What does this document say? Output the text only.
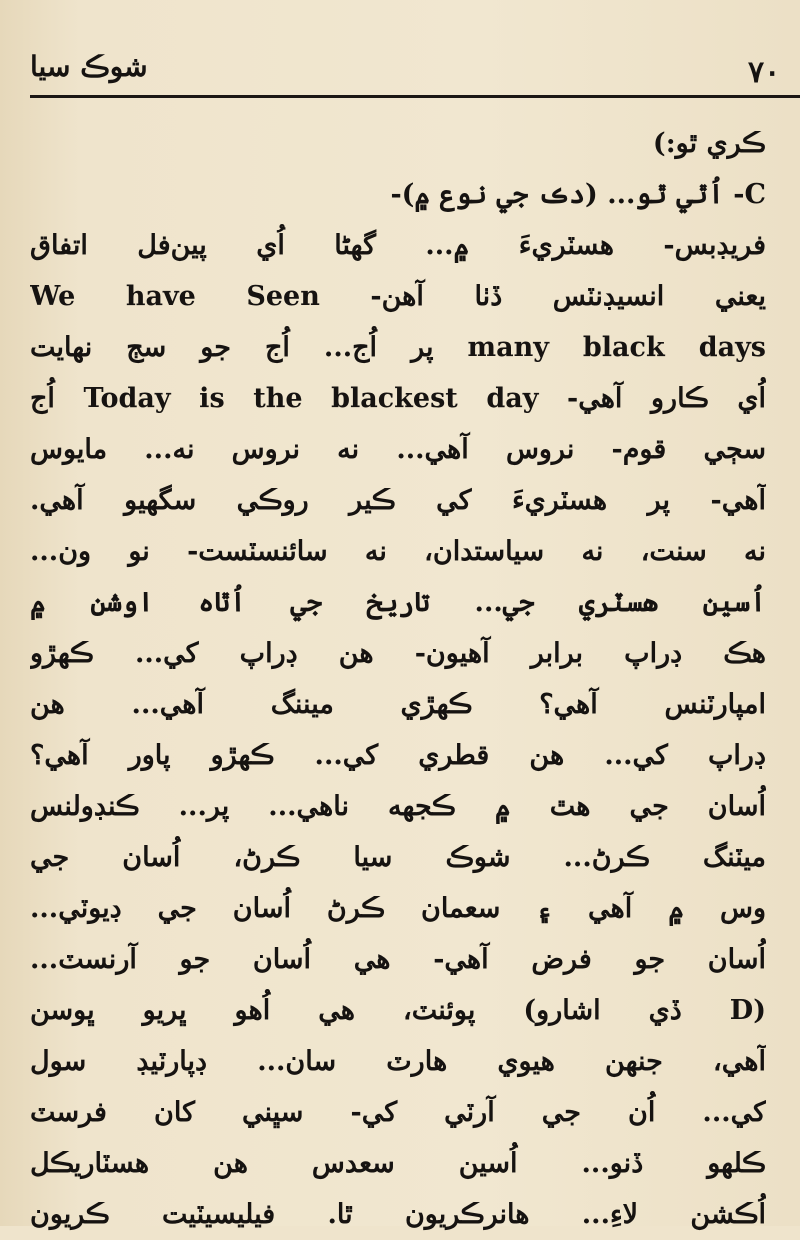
٧٠
شوڪ سيا
ڪري ٿو:)
C- اُٿي ٿو... (دڪ جي نوع ۾)-
فريڊبس- هسٽريءَ ۾... گهڻا اُي پين‌فل اتفاق
يعني انسيڊنٽس ڏٺا آهن- We have Seen
many black days پر اُج... اُج جو سڄ نهايت
اُي ڪارو آهي- Today is the blackest day اُج
سڄي قوم- نروس آهي... نه نروس نه... مايوس
آهي- پر هسٽريءَ کي ڪير روڪي سگهيو آهي.
نه سنت، نه سياستدان، نه سائنسٽست- نو ون...
اُسين هسٽري جي... تاريخ جي اُٿاه اوشن ۾
هڪ ڊراپ برابر آهيون- هن ڊراپ کي... ڪهڙو
امپارٽنس آهي؟ ڪهڙي ميننگ آهي... هن
ڊراپ کي... هن قطري کي... ڪهڙو پاور آهي؟
اُسان جي هٿ ۾ ڪجهه ناهي... پر... ڪنڊولنس
ميٽنگ ڪرڻ... شوڪ سيا ڪرڻ، اُسان جي
وس ۾ آهي ۽ سعمان ڪرڻ اُسان جي ڊيوٽي...
اُسان جو فرض آهي- هي اُسان جو آرنسٽ...
(D ڏي اشارو) پوئنٽ، هي اُهو ڀريو ڀوسن
آهي، جنهن هيوي هارٽ سان... ڊپارٽيڊ سول
کي... اُن جي آرٽي کي- سڀني کان فرسٽ
ڪلهو ڏنو... اُسين سعدس هن هسٽاريڪل
اُڪشن لاءِ... هانرڪريون ٿا. فيليسيٽيت ڪريون
